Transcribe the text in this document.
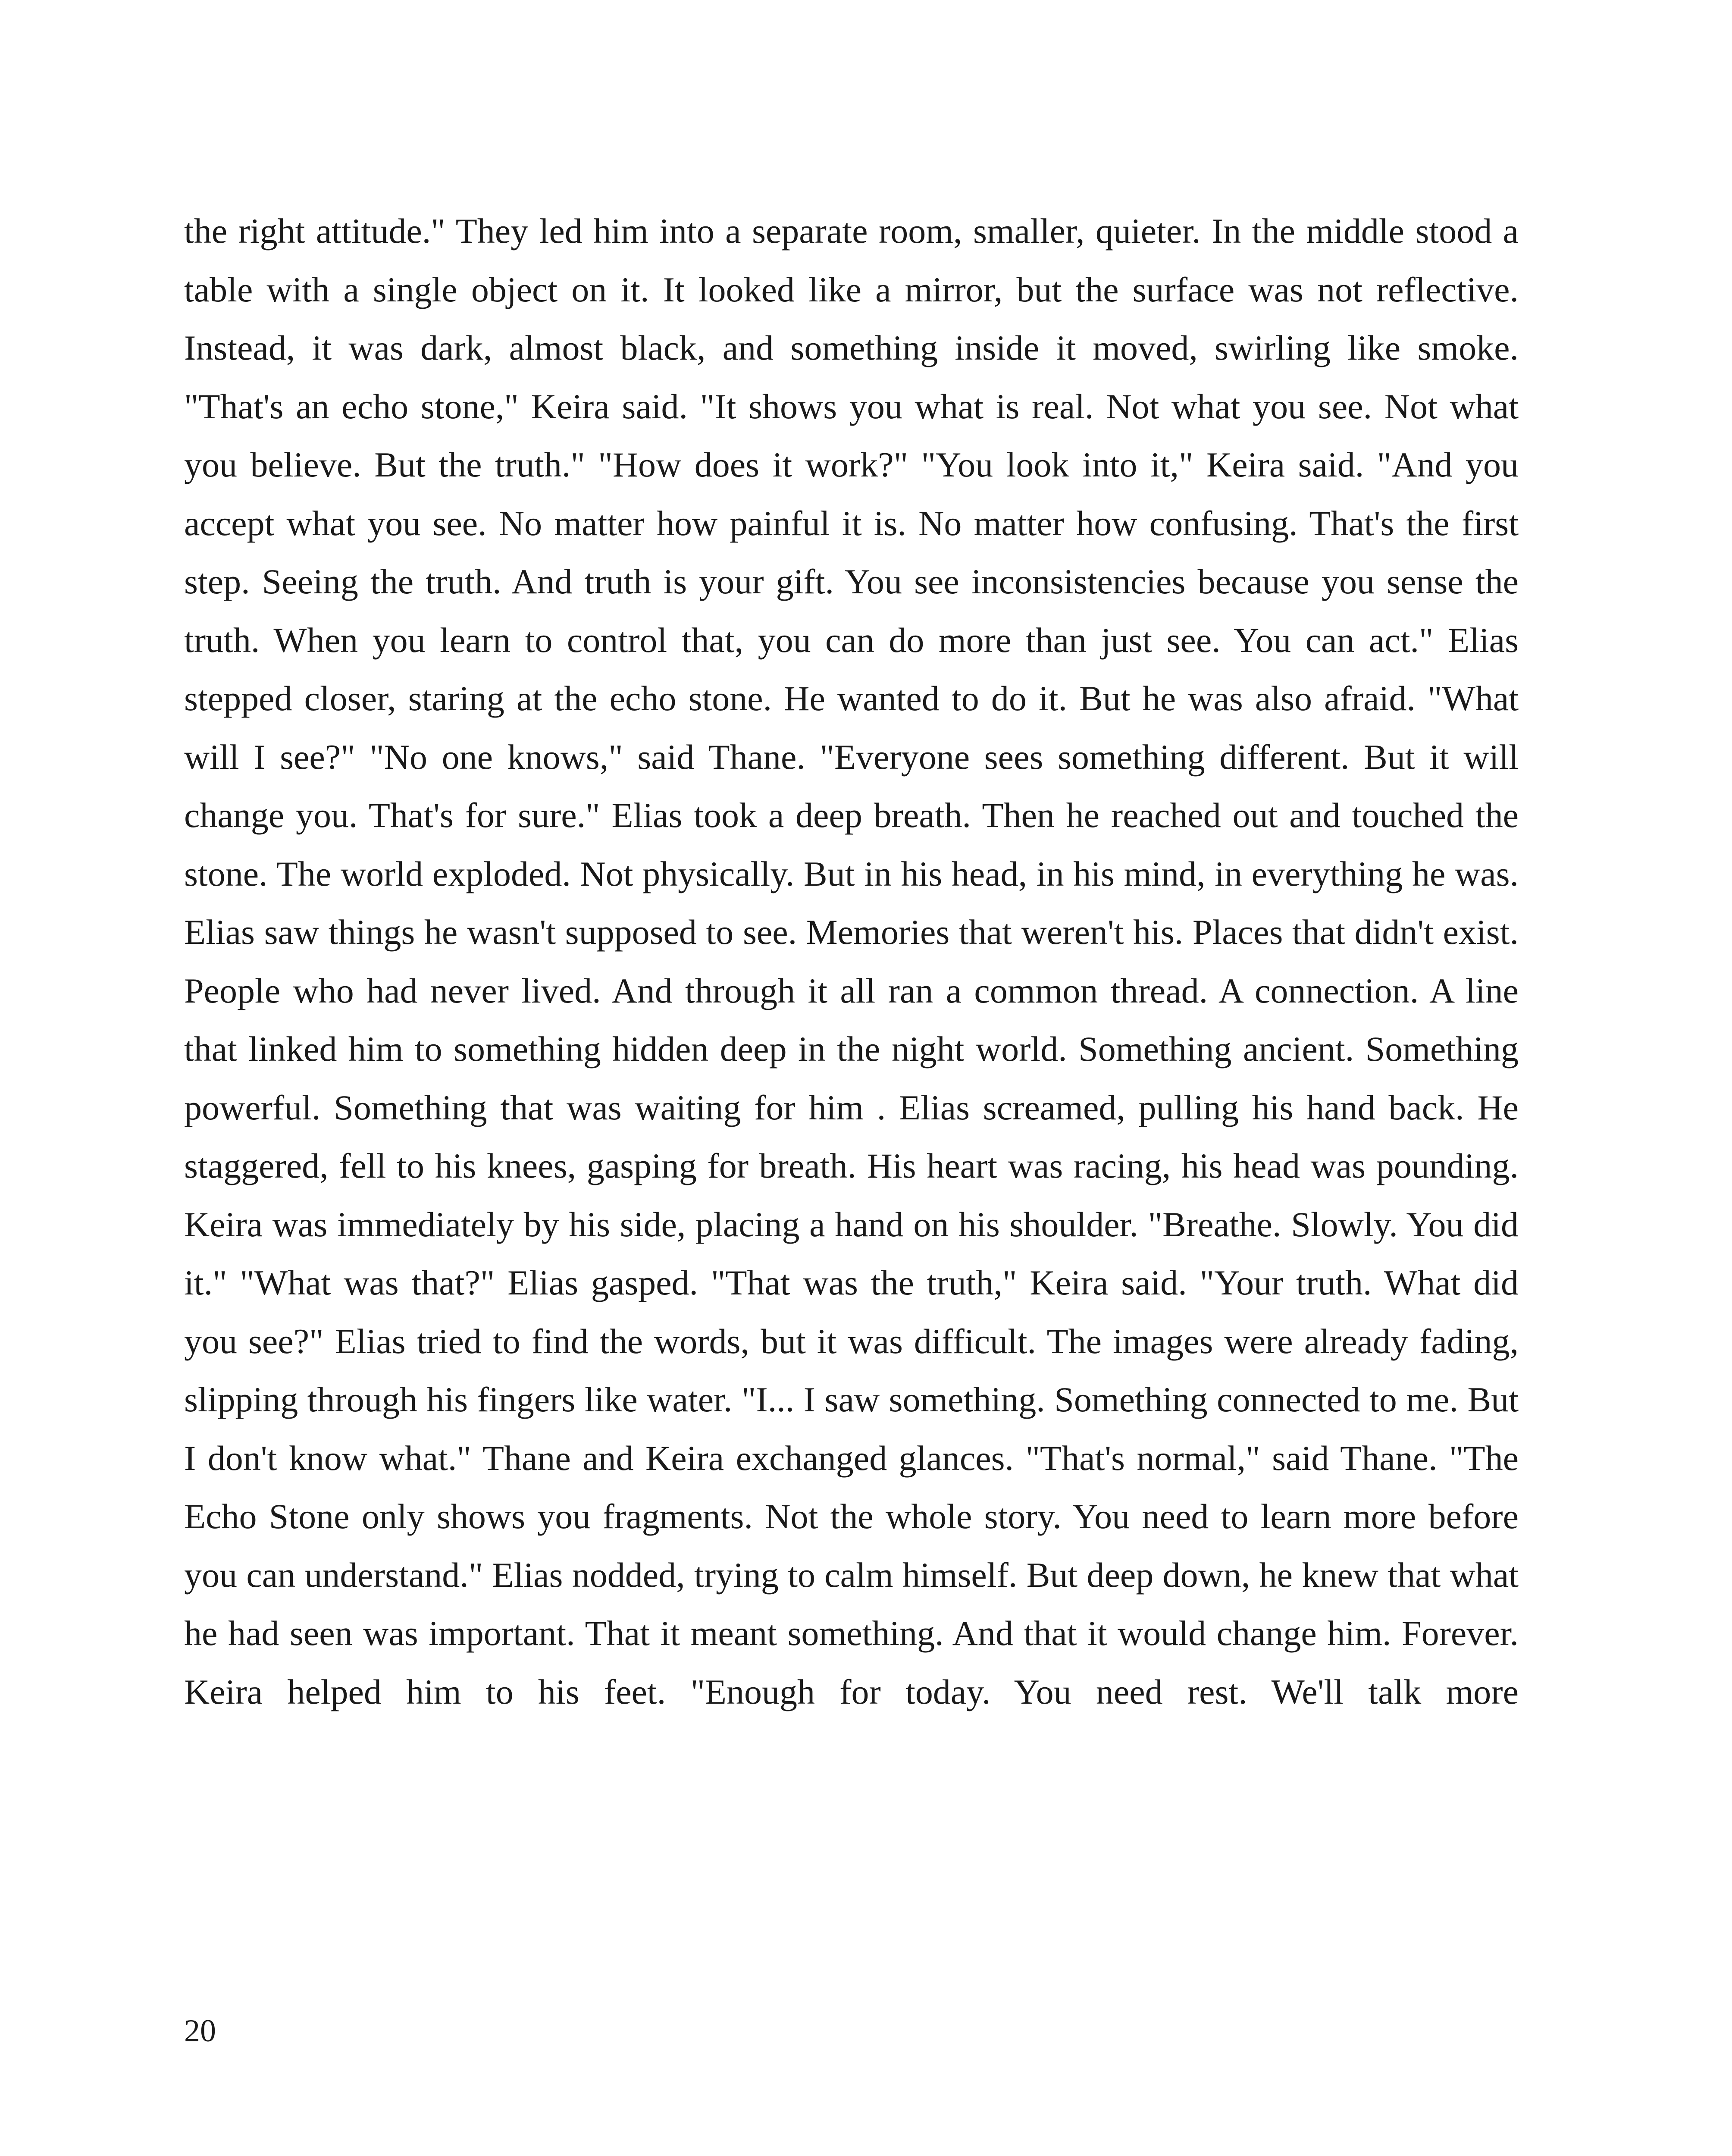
the right attitude." They led him into a separate room, smaller, quieter. In the middle stood a table with a single object on it. It looked like a mirror, but the surface was not reflective. Instead, it was dark, almost black, and something inside it moved, swirling like smoke. "That's an echo stone," Keira said. "It shows you what is real. Not what you see. Not what you believe. But the truth." "How does it work?" "You look into it," Keira said. "And you accept what you see. No matter how painful it is. No matter how confusing. That's the first step. Seeing the truth. And truth is your gift. You see inconsistencies because you sense the truth. When you learn to control that, you can do more than just see. You can act." Elias stepped closer, staring at the echo stone. He wanted to do it. But he was also afraid. "What will I see?" "No one knows," said Thane. "Everyone sees something different. But it will change you. That's for sure." Elias took a deep breath. Then he reached out and touched the stone. The world exploded. Not physically. But in his head, in his mind, in everything he was. Elias saw things he wasn't supposed to see. Memories that weren't his. Places that didn't exist. People who had never lived. And through it all ran a common thread. A connection. A line that linked him to something hidden deep in the night world. Something ancient. Something powerful. Something that was waiting for him . Elias screamed, pulling his hand back. He staggered, fell to his knees, gasping for breath. His heart was racing, his head was pounding. Keira was immediately by his side, placing a hand on his shoulder. "Breathe. Slowly. You did it." "What was that?" Elias gasped. "That was the truth," Keira said. "Your truth. What did you see?" Elias tried to find the words, but it was difficult. The images were already fading, slipping through his fingers like water. "I... I saw something. Something connected to me. But I don't know what." Thane and Keira exchanged glances. "That's normal," said Thane. "The Echo Stone only shows you fragments. Not the whole story. You need to learn more before you can understand." Elias nodded, trying to calm himself. But deep down, he knew that what he had seen was important. That it meant something. And that it would change him. Forever. Keira helped him to his feet. "Enough for today. You need rest. We'll talk more

20
